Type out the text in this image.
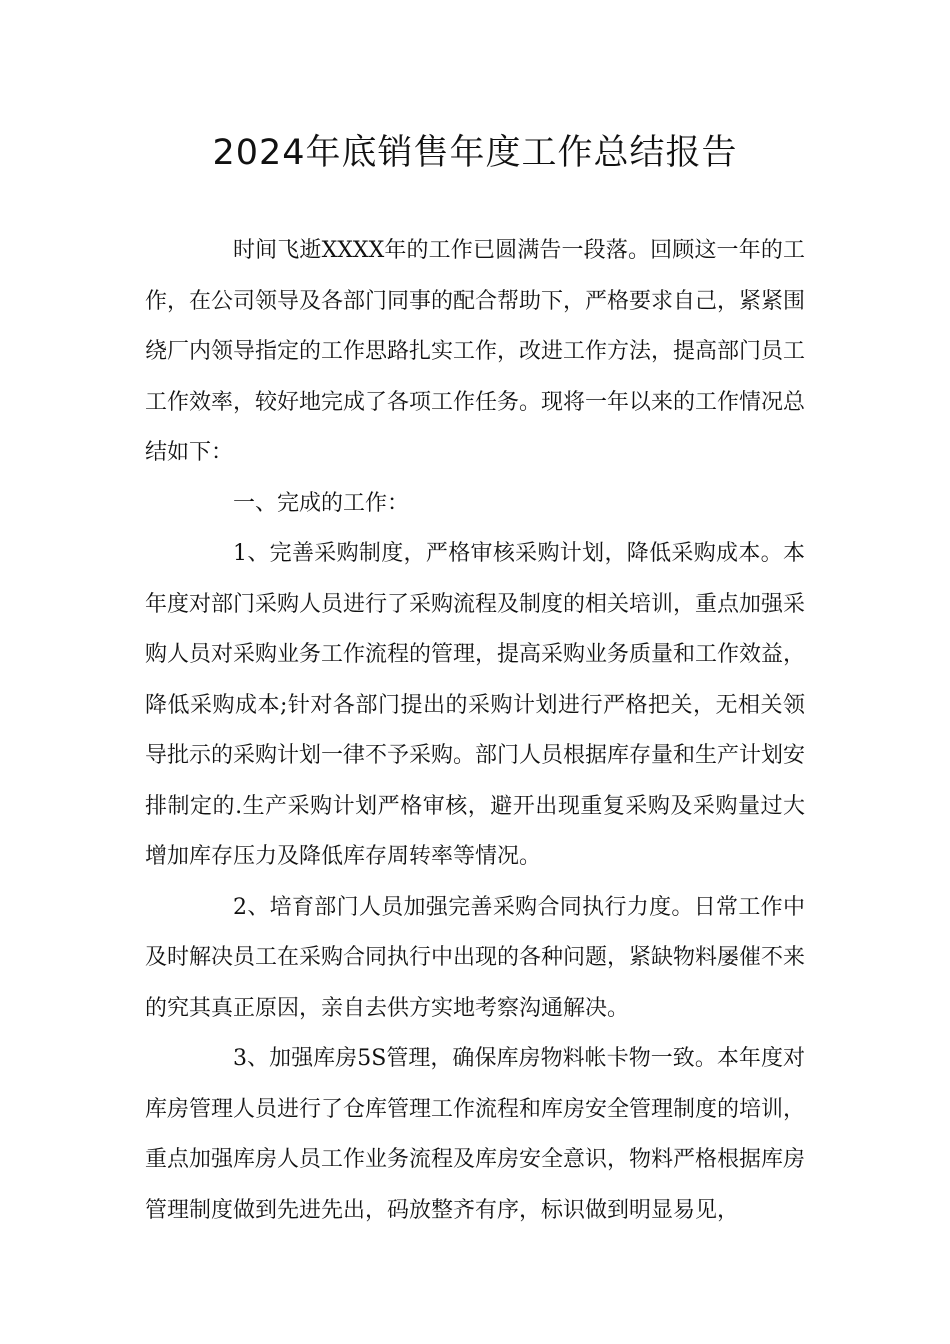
2024年底销售年度工作总结报告

时间飞逝XXXX年的工作已圆满告一段落。回顾这一年的工作，在公司领导及各部门同事的配合帮助下，严格要求自己，紧紧围绕厂内领导指定的工作思路扎实工作，改进工作方法，提高部门员工工作效率，较好地完成了各项工作任务。现将一年以来的工作情况总结如下：

一、完成的工作：

1、完善采购制度，严格审核采购计划，降低采购成本。本年度对部门采购人员进行了采购流程及制度的相关培训，重点加强采购人员对采购业务工作流程的管理，提高采购业务质量和工作效益，降低采购成本;针对各部门提出的采购计划进行严格把关，无相关领导批示的采购计划一律不予采购。部门人员根据库存量和生产计划安排制定的.生产采购计划严格审核，避开出现重复采购及采购量过大增加库存压力及降低库存周转率等情况。

2、培育部门人员加强完善采购合同执行力度。日常工作中及时解决员工在采购合同执行中出现的各种问题，紧缺物料屡催不来的究其真正原因，亲自去供方实地考察沟通解决。

3、加强库房5S管理，确保库房物料帐卡物一致。本年度对库房管理人员进行了仓库管理工作流程和库房安全管理制度的培训，重点加强库房人员工作业务流程及库房安全意识，物料严格根据库房管理制度做到先进先出，码放整齐有序，标识做到明显易见，
